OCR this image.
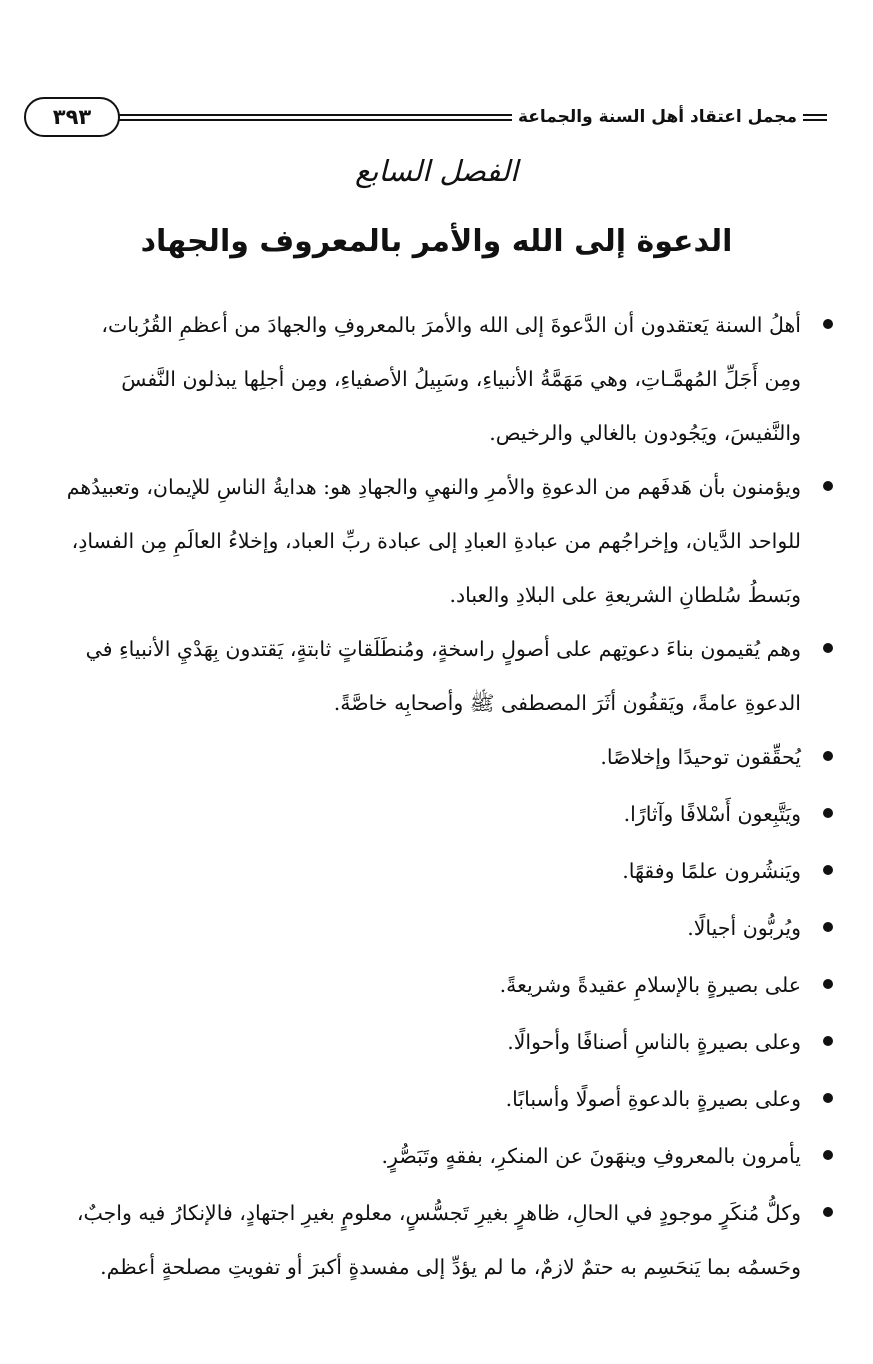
مجمل اعتقاد أهل السنة والجماعة
٣٩٣
الفصل السابع
الدعوة إلى الله والأمر بالمعروف والجهاد
أهلُ السنة يَعتقدون أن الدَّعوةَ إلى الله والأمرَ بالمعروفِ والجهادَ من أعظمِ القُرُبات، ومِن أَجَلِّ المُهمَّـاتِ، وهي مَهَمَّةُ الأنبياءِ، وسَبِيلُ الأصفياءِ، ومِن أجلِها يبذلون النَّفسَ والنَّفيسَ، ويَجُودون بالغالي والرخيص.
ويؤمنون بأن هَدفَهم من الدعوةِ والأمرِ والنهيِ والجهادِ هو: هدايةُ الناسِ للإيمان، وتعبيدُهم للواحد الدَّيان، وإخراجُهم من عبادةِ العبادِ إلى عبادة ربِّ العباد، وإخلاءُ العالَمِ مِن الفسادِ، وبَسطُ سُلطانِ الشريعةِ على البلادِ والعباد.
وهم يُقيمون بناءَ دعوتِهم على أصولٍ راسخةٍ، ومُنطَلَقاتٍ ثابتةٍ، يَقتدون بِهَدْيِ الأنبياءِ في الدعوةِ عامةً، ويَقفُون أثَرَ المصطفى ﷺ وأصحابِه خاصَّةً.
يُحقِّقون توحيدًا وإخلاصًا.
ويَتَّبِعون أَسْلافًا وآثارًا.
ويَنشُرون علمًا وفقهًا.
ويُربُّون أجيالًا.
على بصيرةٍ بالإسلامِ عقيدةً وشريعةً.
وعلى بصيرةٍ بالناسِ أصنافًا وأحوالًا.
وعلى بصيرةٍ بالدعوةِ أصولًا وأسبابًا.
يأمرون بالمعروفِ وينهَونَ عن المنكرِ، بفقهٍ وتَبَصُّرٍ.
وكلُّ مُنكَرٍ موجودٍ في الحالِ، ظاهرٍ بغيرِ تَجسُّسٍ، معلومٍ بغيرِ اجتهادٍ، فالإنكارُ فيه واجبٌ، وحَسمُه بما يَنحَسِم به حتمٌ لازمٌ، ما لم يؤدِّ إلى مفسدةٍ أكبرَ أو تفويتِ مصلحةٍ أعظم.
